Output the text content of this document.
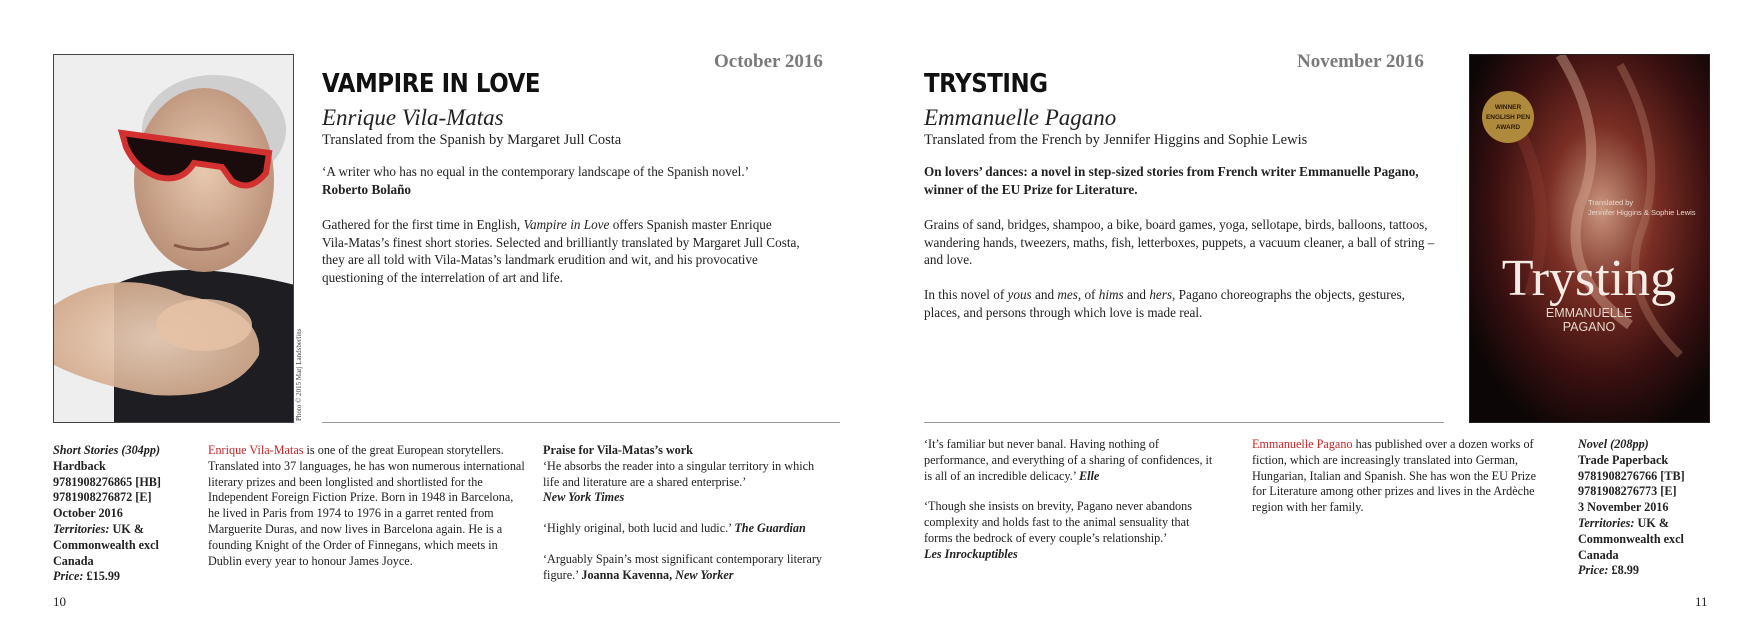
Photo © 2015 Marj Landsberlins
October 2016
VAMPIRE IN LOVE
Enrique Vila-Matas
Translated from the Spanish by Margaret Jull Costa
‘A writer who has no equal in the contemporary landscape of the Spanish novel.’
Roberto Bolaño
Gathered for the first time in English, Vampire in Love offers Spanish master Enrique Vila-Matas’s finest short stories. Selected and brilliantly translated by Margaret Jull Costa, they are all told with Vila-Matas’s landmark erudition and wit, and his provocative questioning of the interrelation of art and life.
Short Stories (304pp)
Hardback
9781908276865 [HB]
9781908276872 [E]
October 2016
Territories: UK & Commonwealth excl Canada
Price: £15.99
Enrique Vila-Matas is one of the great European storytellers. Translated into 37 languages, he has won numerous international literary prizes and been longlisted and shortlisted for the Independent Foreign Fiction Prize. Born in 1948 in Barcelona, he lived in Paris from 1974 to 1976 in a garret rented from Marguerite Duras, and now lives in Barcelona again. He is a founding Knight of the Order of Finnegans, which meets in Dublin every year to honour James Joyce.
Praise for Vila-Matas’s work
‘He absorbs the reader into a singular territory in which life and literature are a shared enterprise.’
New York Times
‘Highly original, both lucid and ludic.’ The Guardian
‘Arguably Spain’s most significant contemporary literary figure.’ Joanna Kavenna, New Yorker
10
November 2016
TRYSTING
Emmanuelle Pagano
Translated from the French by Jennifer Higgins and Sophie Lewis
On lovers’ dances: a novel in step-sized stories from French writer Emmanuelle Pagano, winner of the EU Prize for Literature.
Grains of sand, bridges, shampoo, a bike, board games, yoga, sellotape, birds, balloons, tattoos, wandering hands, tweezers, maths, fish, letterboxes, puppets, a vacuum cleaner, a ball of string – and love.
In this novel of yous and mes, of hims and hers, Pagano choreographs the objects, gestures, places, and persons through which love is made real.
WINNER
ENGLISH PEN
AWARD
Translated by
Jennifer Higgins & Sophie Lewis
Trysting
EMMANUELLE
PAGANO
‘It’s familiar but never banal. Having nothing of performance, and everything of a sharing of confidences, it is all of an incredible delicacy.’ Elle
‘Though she insists on brevity, Pagano never abandons complexity and holds fast to the animal sensuality that forms the bedrock of every couple’s relationship.’
Les Inrockuptibles
Emmanuelle Pagano has published over a dozen works of fiction, which are increasingly translated into German, Hungarian, Italian and Spanish. She has won the EU Prize for Literature among other prizes and lives in the Ardèche region with her family.
Novel (208pp)
Trade Paperback
9781908276766 [TB]
9781908276773 [E]
3 November 2016
Territories: UK & Commonwealth excl Canada
Price: £8.99
11
